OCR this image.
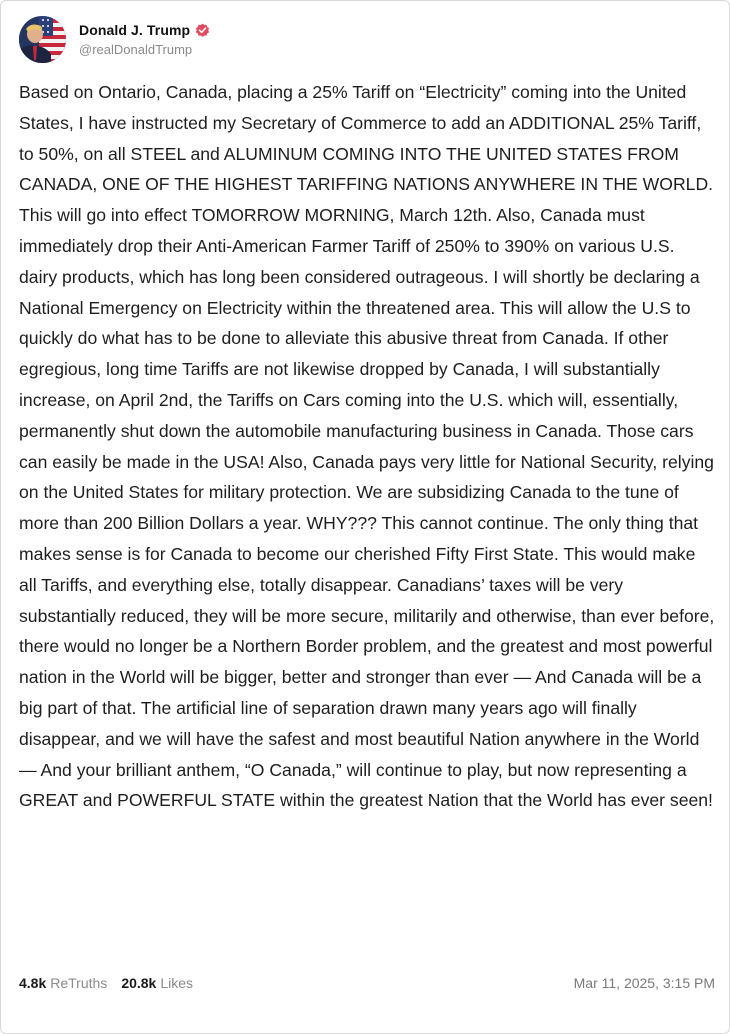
Donald J. Trump
@realDonaldTrump

Based on Ontario, Canada, placing a 25% Tariff on “Electricity” coming into the United States, I have instructed my Secretary of Commerce to add an ADDITIONAL 25% Tariff, to 50%, on all STEEL and ALUMINUM COMING INTO THE UNITED STATES FROM CANADA, ONE OF THE HIGHEST TARIFFING NATIONS ANYWHERE IN THE WORLD. This will go into effect TOMORROW MORNING, March 12th. Also, Canada must immediately drop their Anti-American Farmer Tariff of 250% to 390% on various U.S. dairy products, which has long been considered outrageous. I will shortly be declaring a National Emergency on Electricity within the threatened area. This will allow the U.S to quickly do what has to be done to alleviate this abusive threat from Canada. If other egregious, long time Tariffs are not likewise dropped by Canada, I will substantially increase, on April 2nd, the Tariffs on Cars coming into the U.S. which will, essentially, permanently shut down the automobile manufacturing business in Canada. Those cars can easily be made in the USA! Also, Canada pays very little for National Security, relying on the United States for military protection. We are subsidizing Canada to the tune of more than 200 Billion Dollars a year. WHY??? This cannot continue. The only thing that makes sense is for Canada to become our cherished Fifty First State. This would make all Tariffs, and everything else, totally disappear. Canadians’ taxes will be very substantially reduced, they will be more secure, militarily and otherwise, than ever before, there would no longer be a Northern Border problem, and the greatest and most powerful nation in the World will be bigger, better and stronger than ever — And Canada will be a big part of that. The artificial line of separation drawn many years ago will finally disappear, and we will have the safest and most beautiful Nation anywhere in the World — And your brilliant anthem, “O Canada,” will continue to play, but now representing a GREAT and POWERFUL STATE within the greatest Nation that the World has ever seen!

4.8k ReTruths 20.8k Likes	Mar 11, 2025, 3:15 PM
